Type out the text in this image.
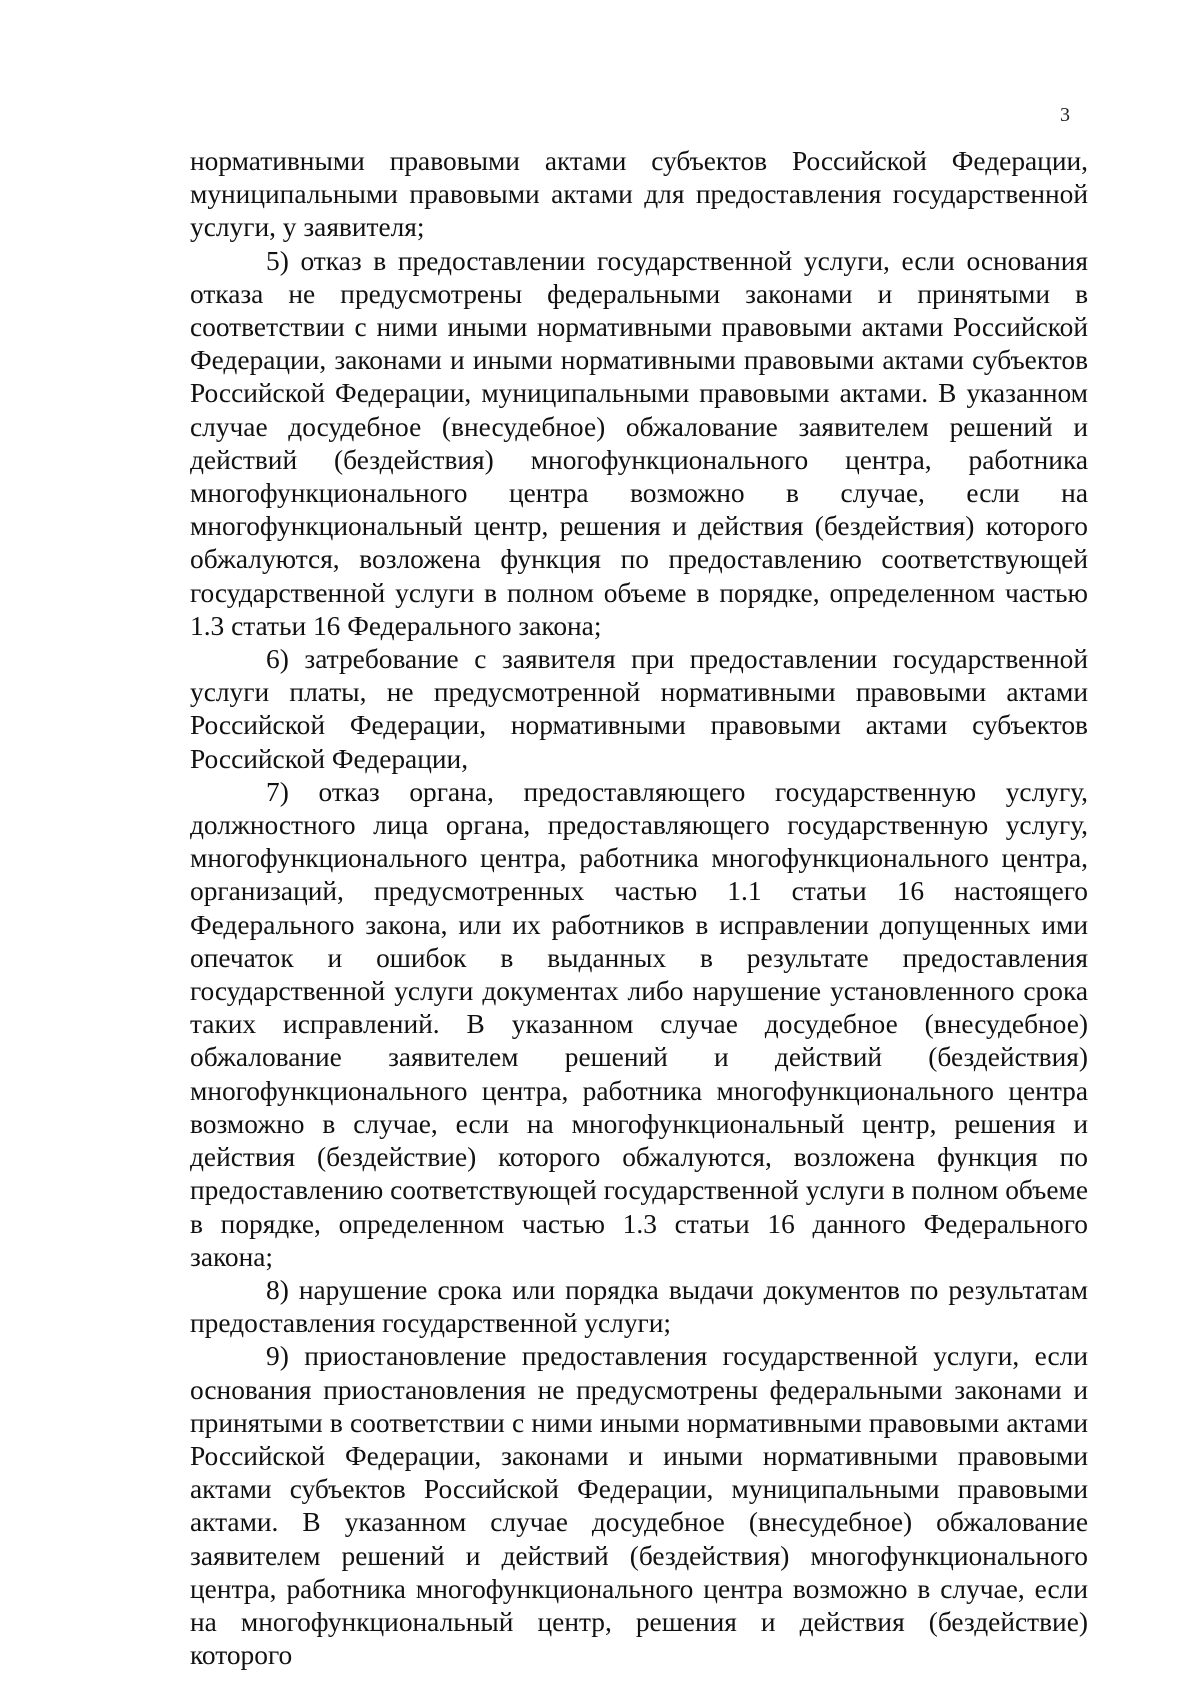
3

нормативными правовыми актами субъектов Российской Федерации, муниципальными правовыми актами для предоставления государственной услуги, у заявителя;

5) отказ в предоставлении государственной услуги, если основания отказа не предусмотрены федеральными законами и принятыми в соответствии с ними иными нормативными правовыми актами Российской Федерации, законами и иными нормативными правовыми актами субъектов Российской Федерации, муниципальными правовыми актами. В указанном случае досудебное (внесудебное) обжалование заявителем решений и действий (бездействия) многофункционального центра, работника многофункционального центра возможно в случае, если на многофункциональный центр, решения и действия (бездействия) которого обжалуются, возложена функция по предоставлению соответствующей государственной услуги в полном объеме в порядке, определенном частью 1.3 статьи 16 Федерального закона;

6) затребование с заявителя при предоставлении государственной услуги платы, не предусмотренной нормативными правовыми актами Российской Федерации, нормативными правовыми актами субъектов Российской Федерации,

7) отказ органа, предоставляющего государственную услугу, должностного лица органа, предоставляющего государственную услугу, многофункционального центра, работника многофункционального центра, организаций, предусмотренных частью 1.1 статьи 16 настоящего Федерального закона, или их работников в исправлении допущенных ими опечаток и ошибок в выданных в результате предоставления государственной услуги документах либо нарушение установленного срока таких исправлений. В указанном случае досудебное (внесудебное) обжалование заявителем решений и действий (бездействия) многофункционального центра, работника многофункционального центра возможно в случае, если на многофункциональный центр, решения и действия (бездействие) которого обжалуются, возложена функция по предоставлению соответствующей государственной услуги в полном объеме в порядке, определенном частью 1.3 статьи 16 данного Федерального закона;

8) нарушение срока или порядка выдачи документов по результатам предоставления государственной услуги;

9) приостановление предоставления государственной услуги, если основания приостановления не предусмотрены федеральными законами и принятыми в соответствии с ними иными нормативными правовыми актами Российской Федерации, законами и иными нормативными правовыми актами субъектов Российской Федерации, муниципальными правовыми актами. В указанном случае досудебное (внесудебное) обжалование заявителем решений и действий (бездействия) многофункционального центра, работника многофункционального центра возможно в случае, если на многофункциональный центр, решения и действия (бездействие) которого
